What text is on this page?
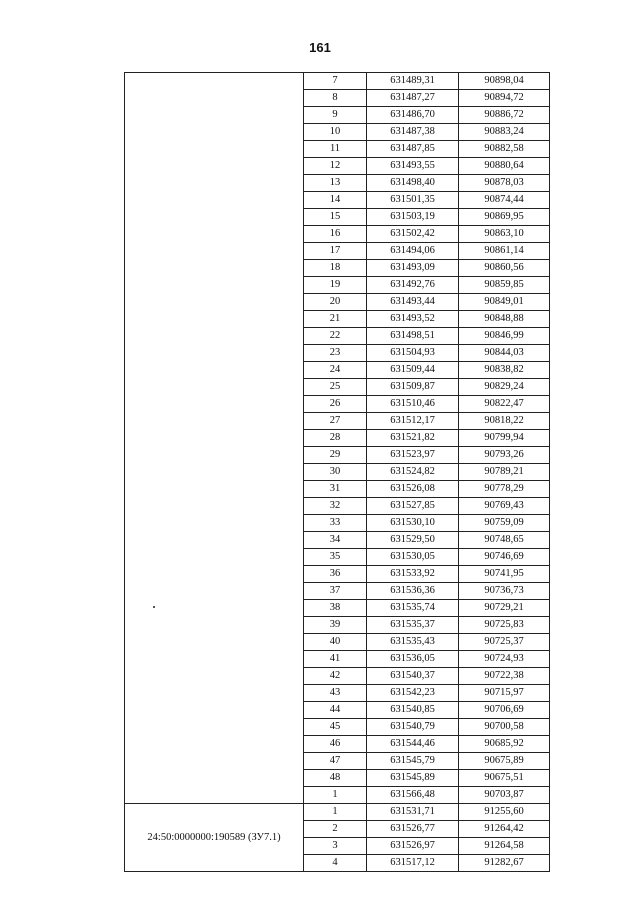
161
	7	631489,31	90898,04
	8	631487,27	90894,72
	9	631486,70	90886,72
	10	631487,38	90883,24
	11	631487,85	90882,58
	12	631493,55	90880,64
	13	631498,40	90878,03
	14	631501,35	90874,44
	15	631503,19	90869,95
	16	631502,42	90863,10
	17	631494,06	90861,14
	18	631493,09	90860,56
	19	631492,76	90859,85
	20	631493,44	90849,01
	21	631493,52	90848,88
	22	631498,51	90846,99
	23	631504,93	90844,03
	24	631509,44	90838,82
	25	631509,87	90829,24
	26	631510,46	90822,47
	27	631512,17	90818,22
	28	631521,82	90799,94
	29	631523,97	90793,26
	30	631524,82	90789,21
	31	631526,08	90778,29
	32	631527,85	90769,43
	33	631530,10	90759,09
	34	631529,50	90748,65
	35	631530,05	90746,69
	36	631533,92	90741,95
	37	631536,36	90736,73
	38	631535,74	90729,21
	39	631535,37	90725,83
	40	631535,43	90725,37
	41	631536,05	90724,93
	42	631540,37	90722,38
	43	631542,23	90715,97
	44	631540,85	90706,69
	45	631540,79	90700,58
	46	631544,46	90685,92
	47	631545,79	90675,89
	48	631545,89	90675,51
	1	631566,48	90703,87
24:50:0000000:190589 (ЗУ7.1)	1	631531,71	91255,60
	2	631526,77	91264,42
	3	631526,97	91264,58
	4	631517,12	91282,67
